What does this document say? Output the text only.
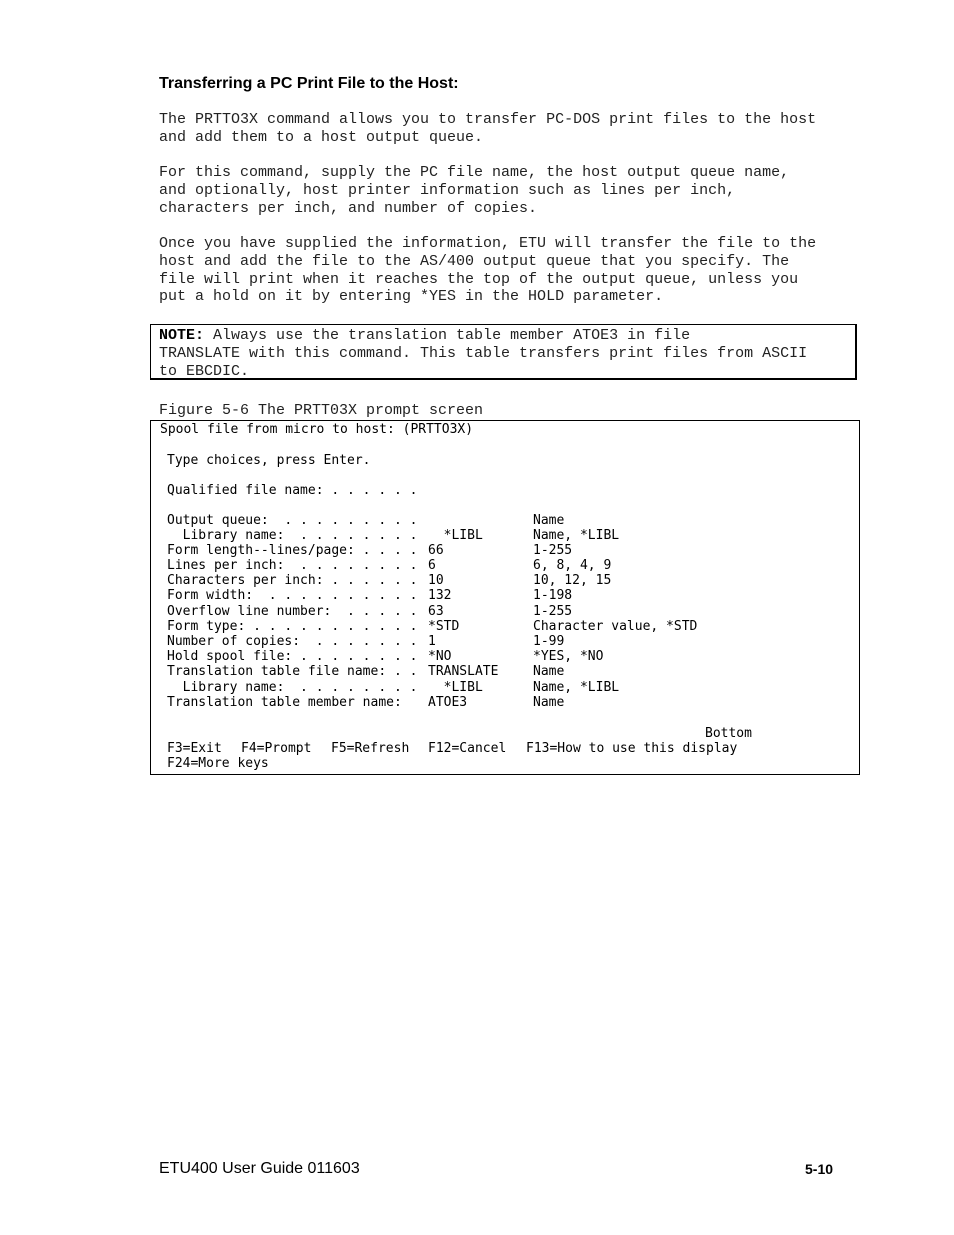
Transferring a PC Print File to the Host:

The PRTTO3X command allows you to transfer PC-DOS print files to the host
and add them to a host output queue.

For this command, supply the PC file name, the host output queue name,
and optionally, host printer information such as lines per inch,
characters per inch, and number of copies.

Once you have supplied the information, ETU will transfer the file to the
host and add the file to the AS/400 output queue that you specify. The
file will print when it reaches the top of the output queue, unless you
put a hold on it by entering *YES in the HOLD parameter.

NOTE: Always use the translation table member ATOE3 in file
TRANSLATE with this command. This table transfers print files from ASCII
to EBCDIC.

Figure 5-6 The PRTT03X prompt screen

Spool file from micro to host: (PRTTO3X)
Type choices, press Enter.
Qualified file name: . . . . . .
Output queue:  . . . . . . . . .	Name
Library name:  . . . . . . . . *LIBL	Name, *LIBL
Form length--lines/page: . . . . 66	1-255
Lines per inch:  . . . . . . . . 6	6, 8, 4, 9
Characters per inch: . . . . . . 10	10, 12, 15
Form width:  . . . . . . . . . . 132	1-198
Overflow line number:  . . . . . 63	1-255
Form type: . . . . . . . . . . . *STD	Character value, *STD
Number of copies:  . . . . . . . 1	1-99
Hold spool file: . . . . . . . . *NO	*YES, *NO
Translation table file name: . . TRANSLATE	Name
Library name:  . . . . . . . . *LIBL	Name, *LIBL
Translation table member name: ATOE3	Name
Bottom
F3=Exit F4=Prompt F5=Refresh F12=Cancel F13=How to use this display
F24=More keys
ETU400 User Guide 011603	5-10
